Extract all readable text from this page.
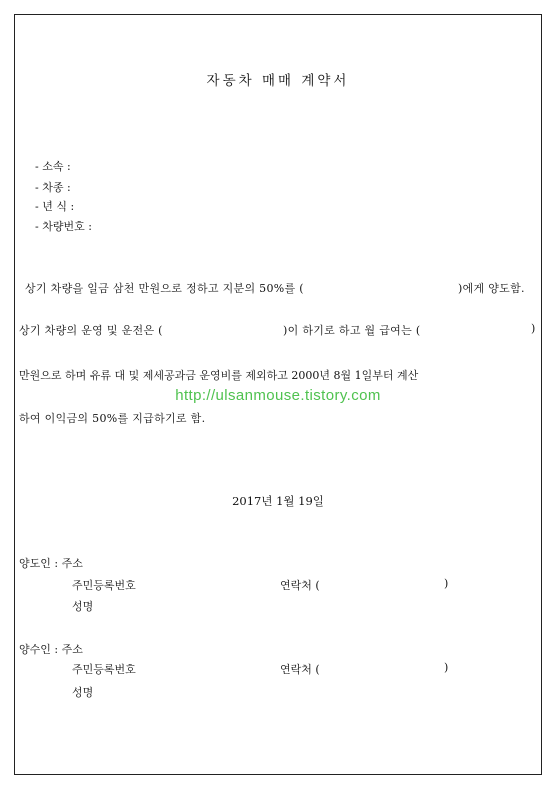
자동차 매매 계약서
- 소속 :
- 차종 :
- 년 식 :
- 차량번호 :
상기 차량을 일금 삼천 만원으로 정하고 지분의 50%를 (	)에게 양도함.
상기 차량의 운영 및 운전은 (	)이 하기로 하고 월 급여는 (	)
만원으로 하며 유류 대 및 제세공과금 운영비를 제외하고 2000년 8월 1일부터 계산
http://ulsanmouse.tistory.com
하여 이익금의 50%를 지급하기로 함.
2017년 1월 19일
양도인 : 주소
주민등록번호	연락처 (	)
성명
양수인 : 주소
주민등록번호	연락처 (	)
성명
